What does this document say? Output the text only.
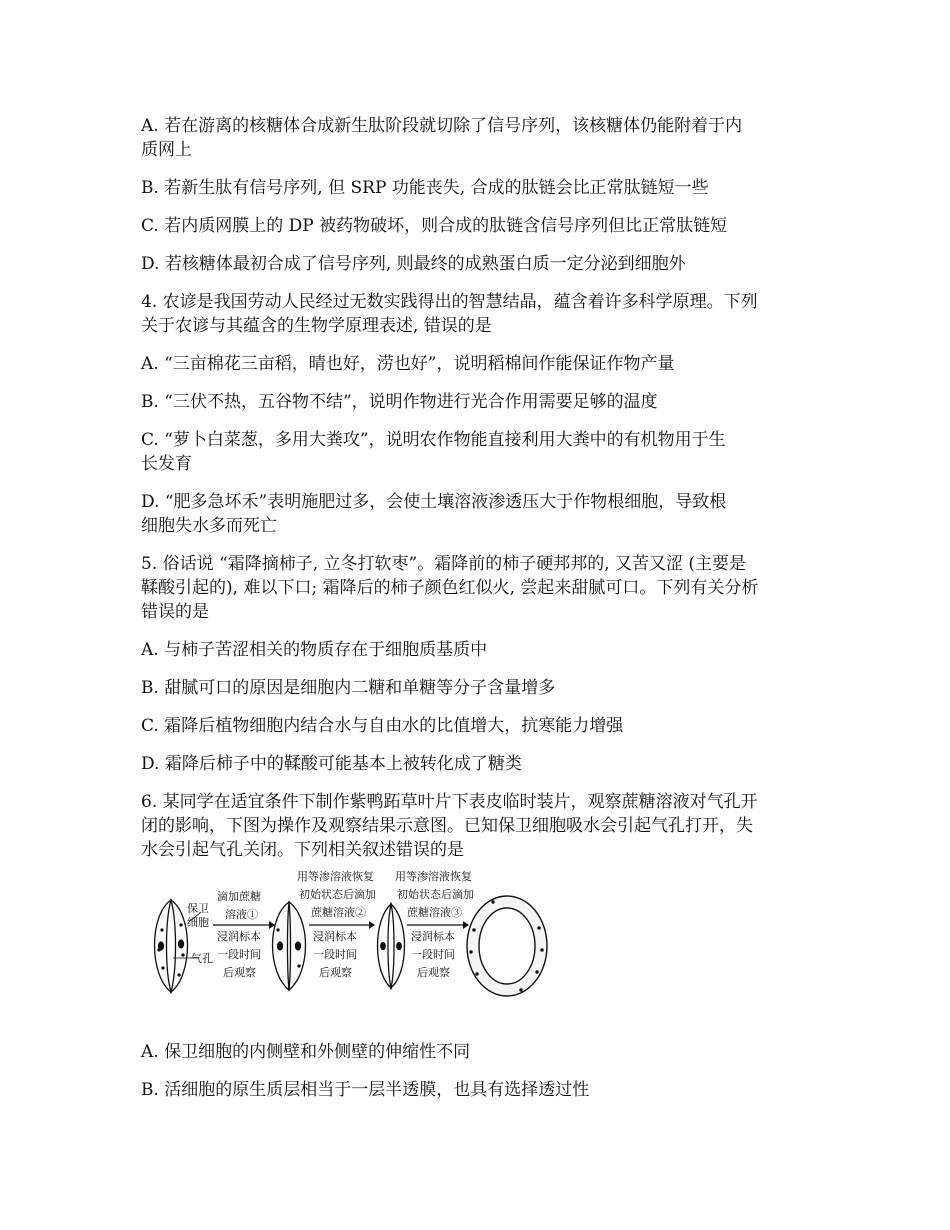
A. 若在游离的核糖体合成新生肽阶段就切除了信号序列，该核糖体仍能附着于内
质网上
B. 若新生肽有信号序列, 但 SRP 功能丧失, 合成的肽链会比正常肽链短一些
C. 若内质网膜上的 DP 被药物破坏，则合成的肽链含信号序列但比正常肽链短
D. 若核糖体最初合成了信号序列, 则最终的成熟蛋白质一定分泌到细胞外
4. 农谚是我国劳动人民经过无数实践得出的智慧结晶，蕴含着许多科学原理。下列
关于农谚与其蕴含的生物学原理表述, 错误的是
A. “三亩棉花三亩稻，晴也好，涝也好”，说明稻棉间作能保证作物产量
B. “三伏不热，五谷物不结”，说明作物进行光合作用需要足够的温度
C. “萝卜白菜葱，多用大粪攻”，说明农作物能直接利用大粪中的有机物用于生
长发育
D. “肥多急坏禾”表明施肥过多，会使土壤溶液渗透压大于作物根细胞，导致根
细胞失水多而死亡
5. 俗话说 “霜降摘柿子, 立冬打软枣”。霜降前的柿子硬邦邦的, 又苦又涩 (主要是
鞣酸引起的), 难以下口; 霜降后的柿子颜色红似火, 尝起来甜腻可口。下列有关分析
错误的是
A. 与柿子苦涩相关的物质存在于细胞质基质中
B. 甜腻可口的原因是细胞内二糖和单糖等分子含量增多
C. 霜降后植物细胞内结合水与自由水的比值增大，抗寒能力增强
D. 霜降后柿子中的鞣酸可能基本上被转化成了糖类
6. 某同学在适宜条件下制作紫鸭跖草叶片下表皮临时装片，观察蔗糖溶液对气孔开
闭的影响，下图为操作及观察结果示意图。已知保卫细胞吸水会引起气孔打开，失
水会引起气孔关闭。下列相关叙述错误的是
保卫
细胞
气孔
滴加蔗糖
溶液①
浸润标本
一段时间
后观察
用等渗溶液恢复
初始状态后滴加
蔗糖溶液②
浸润标本
一段时间
后观察
用等渗溶液恢复
初始状态后滴加
蔗糖溶液③
浸润标本
一段时间
后观察
A. 保卫细胞的内侧壁和外侧壁的伸缩性不同
B. 活细胞的原生质层相当于一层半透膜，也具有选择透过性
